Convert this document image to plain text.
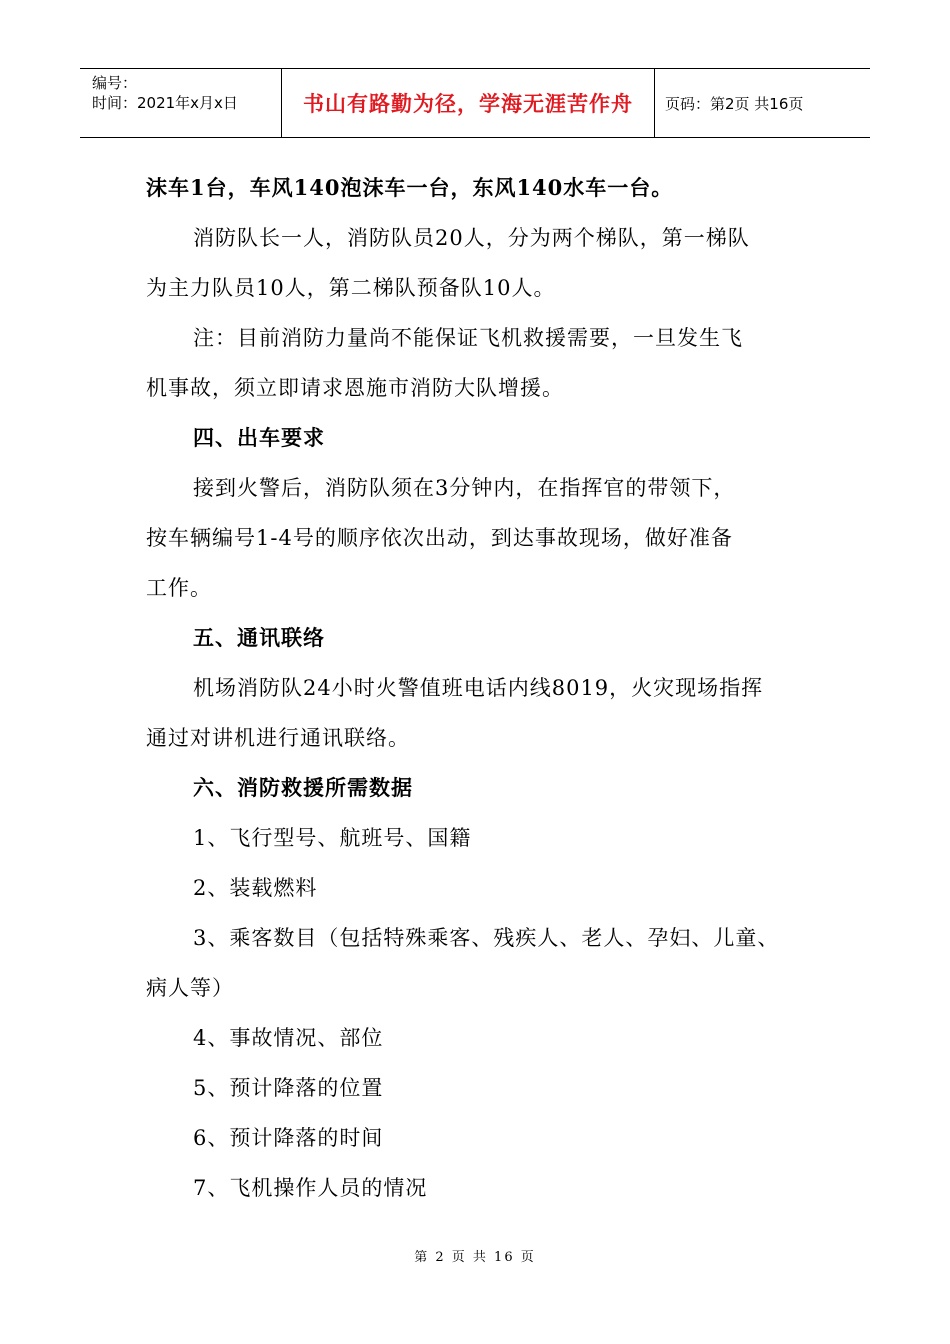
编号：
时间：2021年x月x日	书山有路勤为径，学海无涯苦作舟	页码：第2页 共16页
沫车1台，车风140泡沫车一台，东风140水车一台。
消防队长一人，消防队员20人，分为两个梯队，第一梯队
为主力队员10人，第二梯队预备队10人。
注：目前消防力量尚不能保证飞机救援需要，一旦发生飞
机事故，须立即请求恩施市消防大队增援。
四、出车要求
接到火警后，消防队须在3分钟内，在指挥官的带领下，
按车辆编号1-4号的顺序依次出动，到达事故现场，做好准备
工作。
五、通讯联络
机场消防队24小时火警值班电话内线8019，火灾现场指挥
通过对讲机进行通讯联络。
六、消防救援所需数据
1、飞行型号、航班号、国籍
2、装载燃料
3、乘客数目（包括特殊乘客、残疾人、老人、孕妇、儿童、
病人等）
4、事故情况、部位
5、预计降落的位置
6、预计降落的时间
7、飞机操作人员的情况
第 2 页 共 16 页
